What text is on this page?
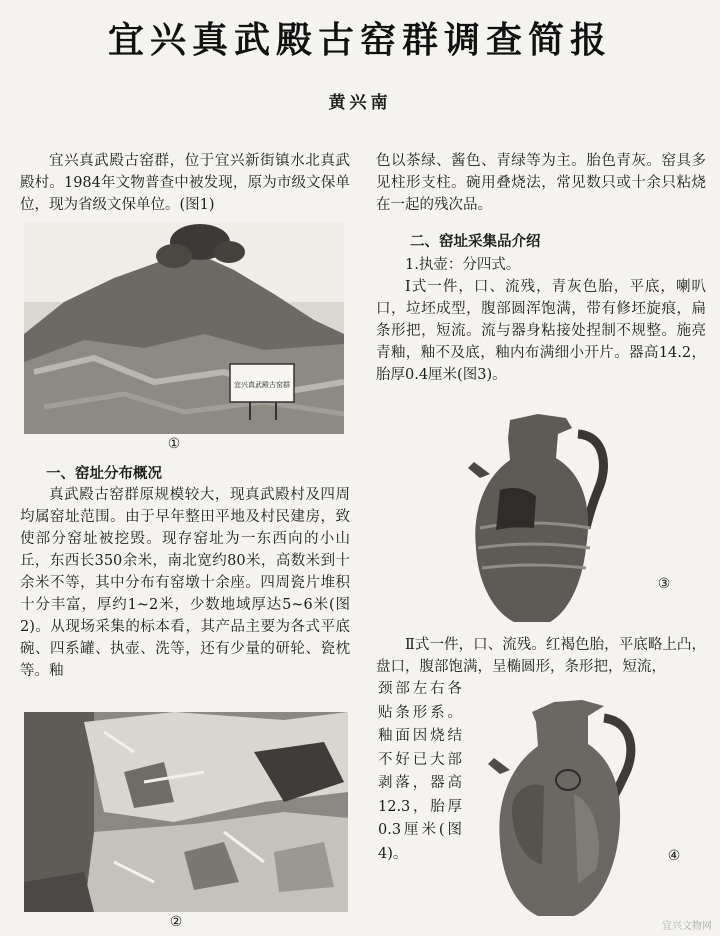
宜兴真武殿古窑群调查简报
黄兴南

宜兴真武殿古窑群，位于宜兴新街镇水北真武殿村。1984年文物普查中被发现，原为市级文保单位，现为省级文保单位。(图1)

宜兴真武殿古窑群
①

一、窑址分布概况

真武殿古窑群原规模较大，现真武殿村及四周均属窑址范围。由于早年整田平地及村民建房，致使部分窑址被挖毁。现存窑址为一东西向的小山丘，东西长350余米，南北宽约80米，高数米到十余米不等，其中分布有窑墩十余座。四周瓷片堆积十分丰富，厚约1~2米，少数地域厚达5~6米(图2)。从现场采集的标本看，其产品主要为各式平底碗、四系罐、执壶、洗等，还有少量的研轮、瓷枕等。釉

②

色以茶绿、酱色、青绿等为主。胎色青灰。窑具多见柱形支柱。碗用叠烧法，常见数只或十余只粘烧在一起的残次品。

二、窑址采集品介绍

1.执壶：分四式。

Ⅰ式一件，口、流残，青灰色胎，平底，喇叭口，垃坯成型，腹部圆浑饱满，带有修坯旋痕，扁条形把，短流。流与器身粘接处捏制不规整。施亮青釉，釉不及底，釉内布满细小开片。器高14.2，胎厚0.4厘米(图3)。

③

Ⅱ式一件，口、流残。红褐色胎，平底略上凸，盘口，腹部饱满，呈椭圆形，条形把，短流，

颈部左右各贴条形系。釉面因烧结不好已大部剥落，器高12.3，胎厚0.3厘米(图4)。	④
宜兴文物网
